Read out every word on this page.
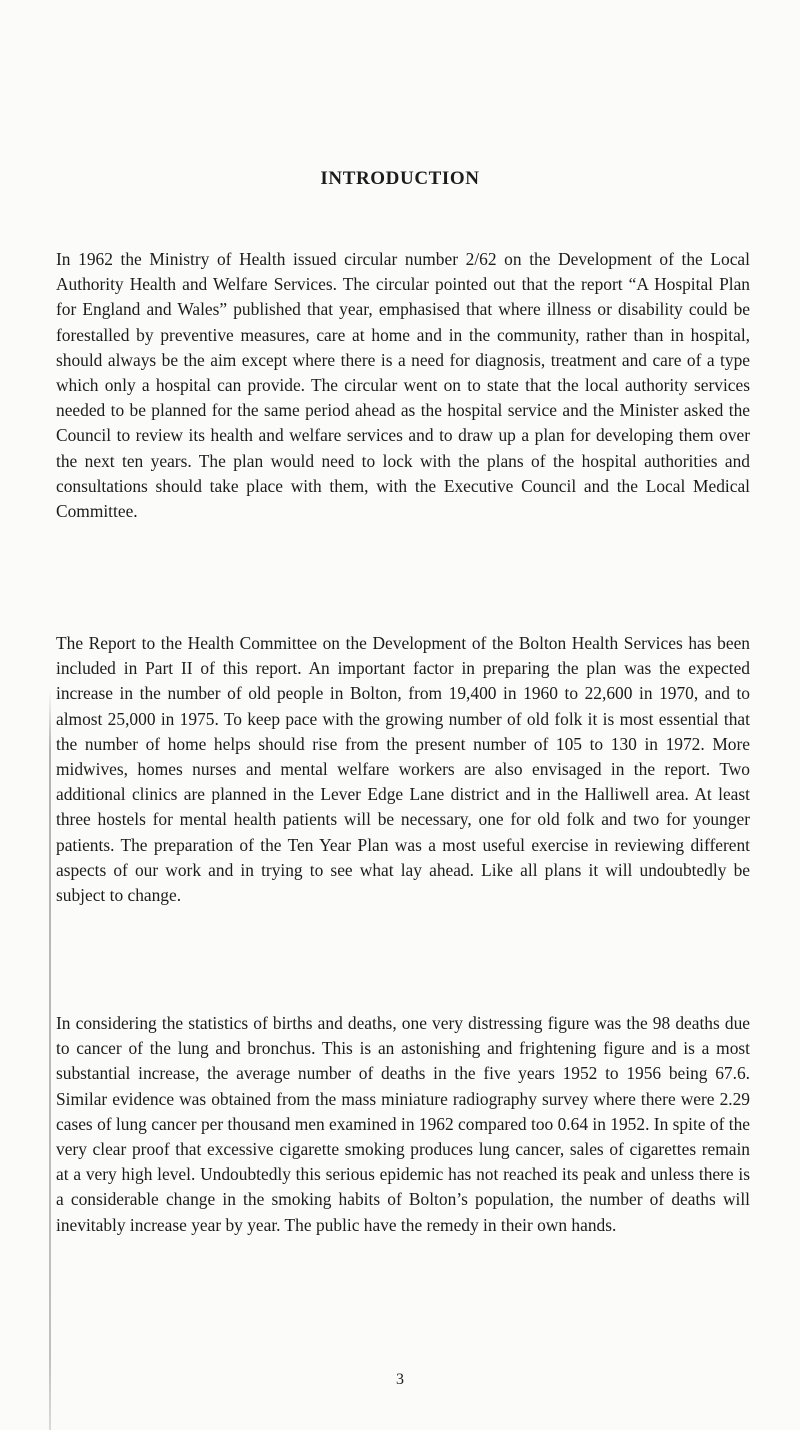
INTRODUCTION

In 1962 the Ministry of Health issued circular number 2/62 on the Development of the Local Authority Health and Welfare Services. The circular pointed out that the report “A Hospital Plan for England and Wales” published that year, emphasised that where illness or disability could be forestalled by preventive measures, care at home and in the community, rather than in hospital, should always be the aim except where there is a need for diagnosis, treatment and care of a type which only a hospital can provide. The circular went on to state that the local authority services needed to be planned for the same period ahead as the hospital service and the Minister asked the Council to review its health and welfare services and to draw up a plan for developing them over the next ten years. The plan would need to lock with the plans of the hospital authorities and consultations should take place with them, with the Executive Council and the Local Medical Committee.

The Report to the Health Committee on the Development of the Bolton Health Services has been included in Part II of this report. An important factor in preparing the plan was the expected increase in the number of old people in Bolton, from 19,400 in 1960 to 22,600 in 1970, and to almost 25,000 in 1975. To keep pace with the growing number of old folk it is most essential that the number of home helps should rise from the present number of 105 to 130 in 1972. More midwives, homes nurses and mental welfare workers are also envisaged in the report. Two additional clinics are planned in the Lever Edge Lane district and in the Halliwell area. At least three hostels for mental health patients will be necessary, one for old folk and two for younger patients. The preparation of the Ten Year Plan was a most useful exercise in reviewing different aspects of our work and in trying to see what lay ahead. Like all plans it will undoubtedly be subject to change.

In considering the statistics of births and deaths, one very distressing figure was the 98 deaths due to cancer of the lung and bronchus. This is an astonishing and frightening figure and is a most substantial increase, the average number of deaths in the five years 1952 to 1956 being 67.6. Similar evidence was obtained from the mass miniature radiography survey where there were 2.29 cases of lung cancer per thousand men examined in 1962 compared too 0.64 in 1952. In spite of the very clear proof that excessive cigarette smoking produces lung cancer, sales of cigarettes remain at a very high level. Undoubtedly this serious epidemic has not reached its peak and unless there is a considerable change in the smoking habits of Bolton’s population, the number of deaths will inevitably increase year by year. The public have the remedy in their own hands.

3
